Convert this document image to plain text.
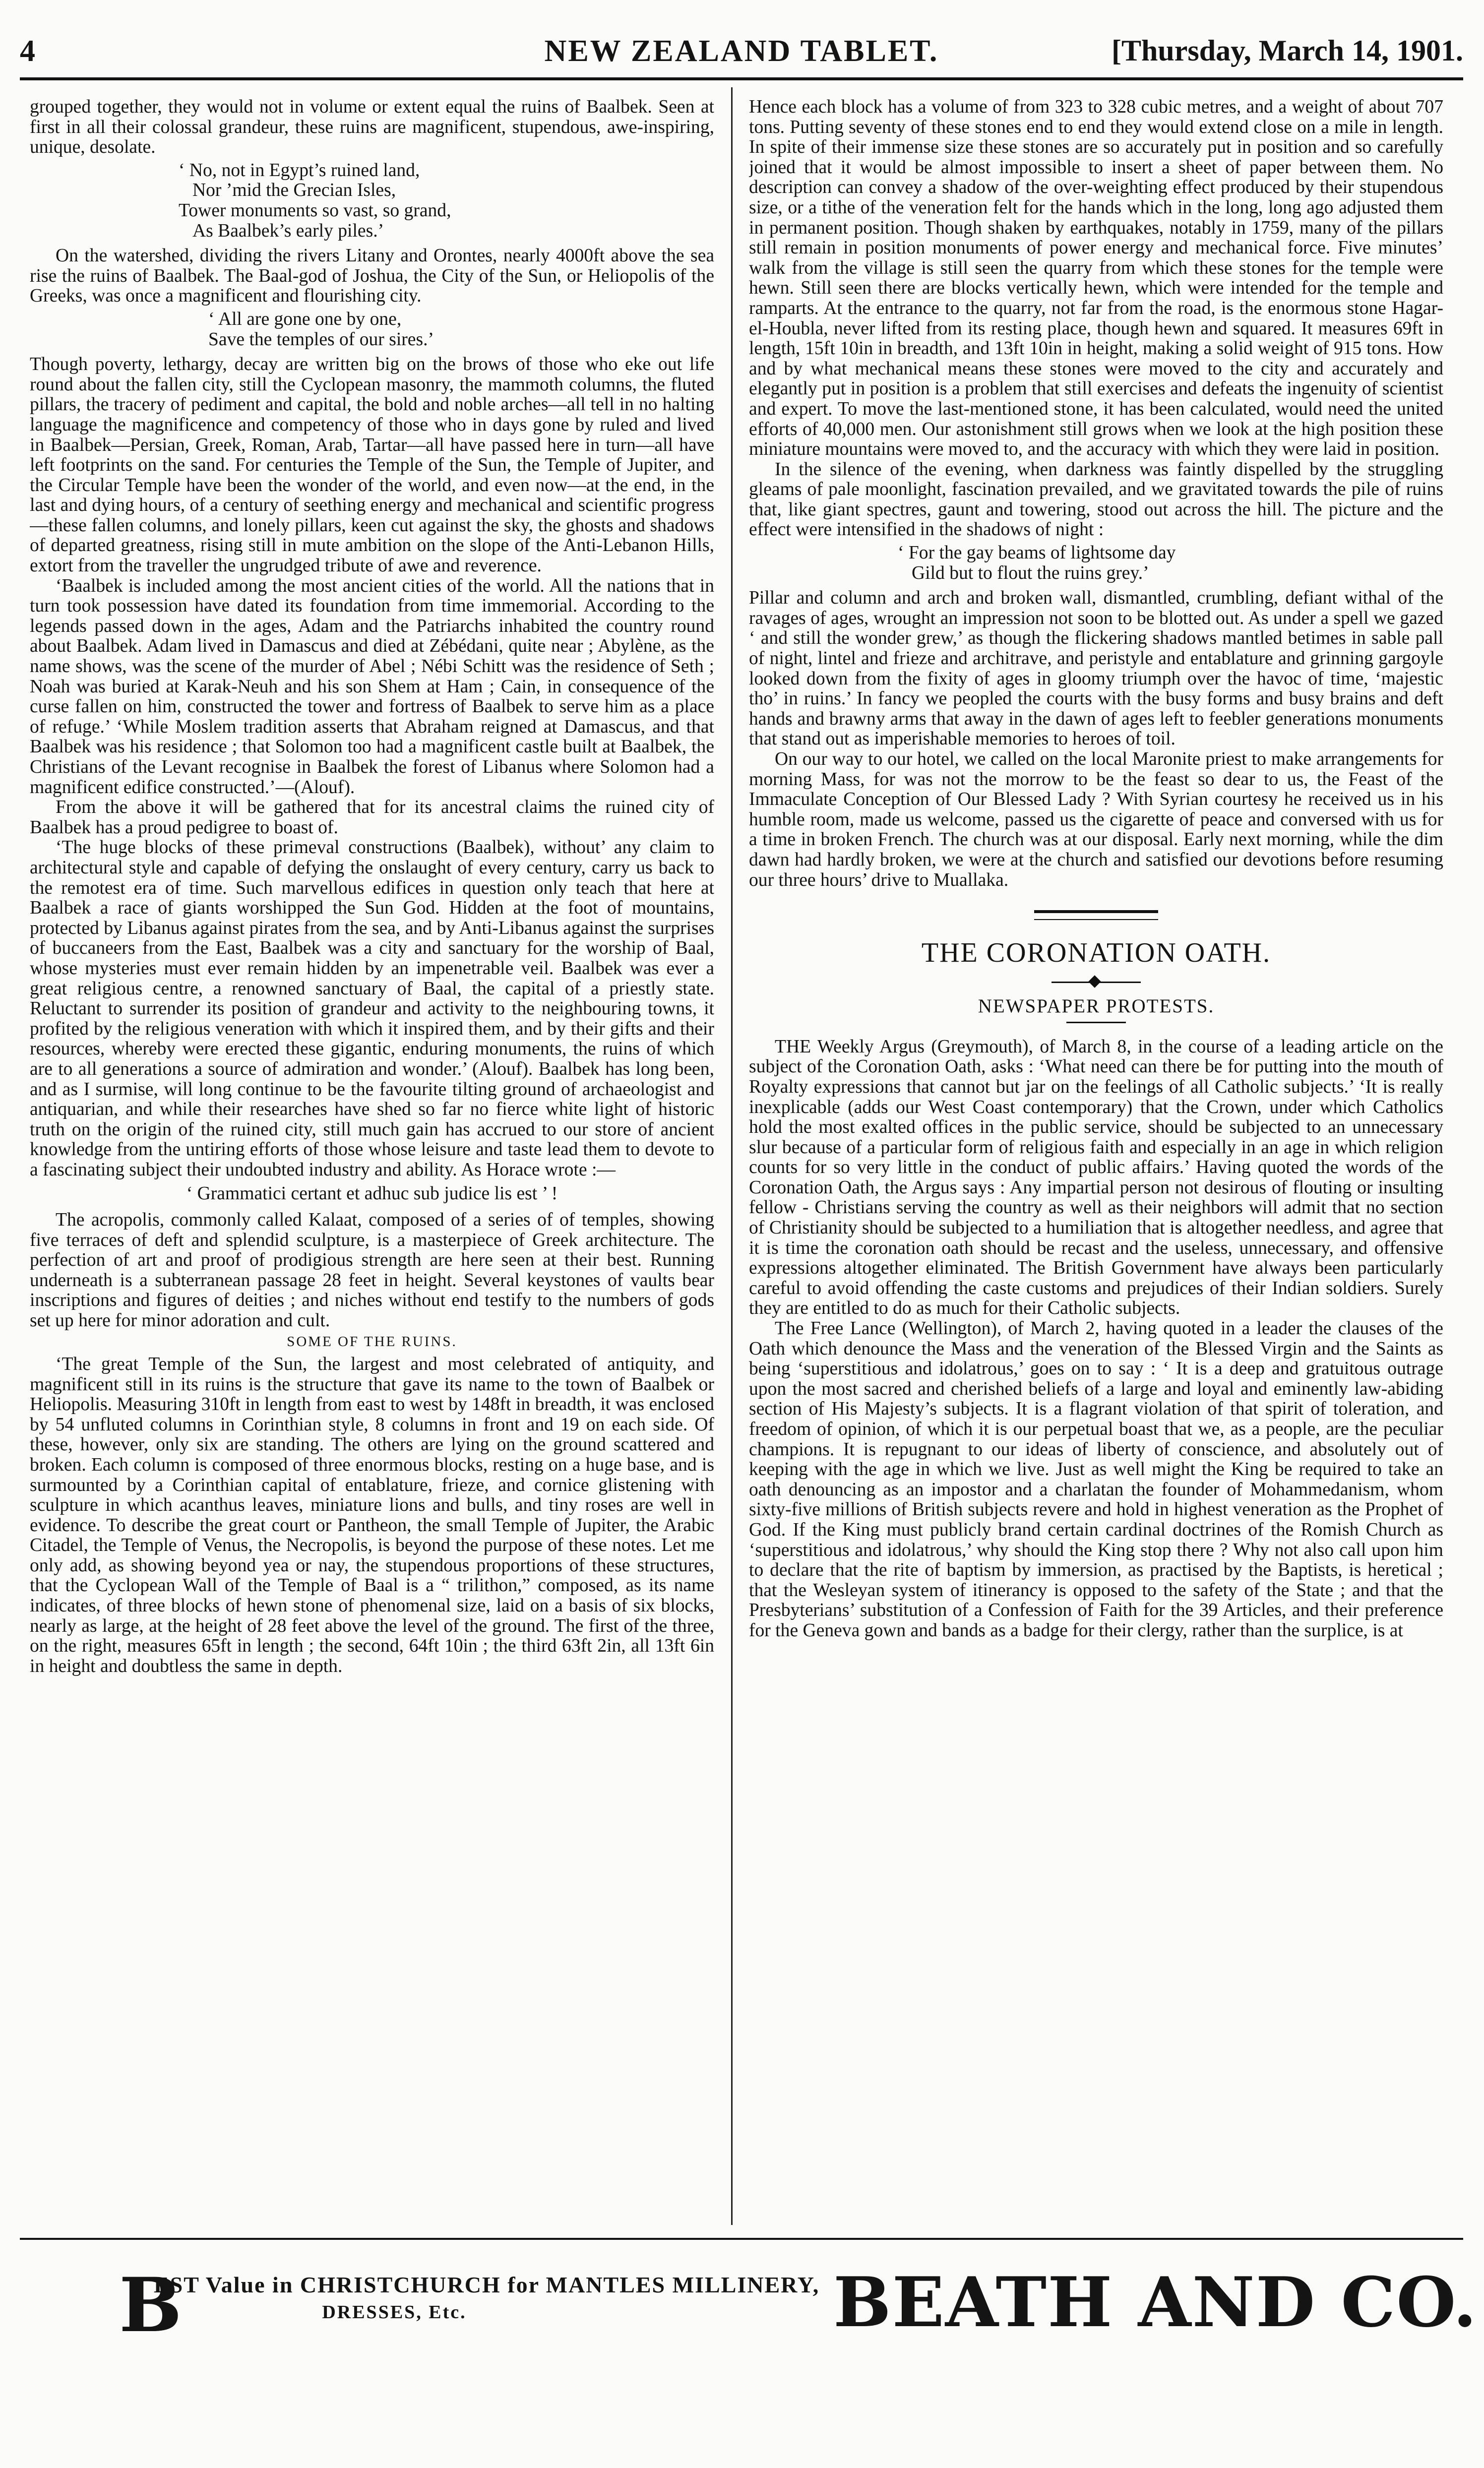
4	NEW ZEALAND TABLET.	[Thursday, March 14, 1901.

grouped together, they would not in volume or extent equal the ruins of Baalbek. Seen at first in all their colossal grandeur, these ruins are magnificent, stupendous, awe-inspiring, unique, desolate.

‘ No, not in Egypt’s ruined land,
Nor ’mid the Grecian Isles,
Tower monuments so vast, so grand,
As Baalbek’s early piles.’

On the watershed, dividing the rivers Litany and Orontes, nearly 4000ft above the sea rise the ruins of Baalbek. The Baal-god of Joshua, the City of the Sun, or Heliopolis of the Greeks, was once a magnificent and flourishing city.

‘ All are gone one by one,
Save the temples of our sires.’

Though poverty, lethargy, decay are written big on the brows of those who eke out life round about the fallen city, still the Cyclopean masonry, the mammoth columns, the fluted pillars, the tracery of pediment and capital, the bold and noble arches—all tell in no halting language the magnificence and competency of those who in days gone by ruled and lived in Baalbek—Persian, Greek, Roman, Arab, Tartar—all have passed here in turn—all have left footprints on the sand. For centuries the Temple of the Sun, the Temple of Jupiter, and the Circular Temple have been the wonder of the world, and even now—at the end, in the last and dying hours, of a century of seething energy and mechanical and scientific progress—these fallen columns, and lonely pillars, keen cut against the sky, the ghosts and shadows of departed greatness, rising still in mute ambition on the slope of the Anti-Lebanon Hills, extort from the traveller the ungrudged tribute of awe and reverence.

‘Baalbek is included among the most ancient cities of the world. All the nations that in turn took possession have dated its foundation from time immemorial. According to the legends passed down in the ages, Adam and the Patriarchs inhabited the country round about Baalbek. Adam lived in Damascus and died at Zébédani, quite near ; Abylène, as the name shows, was the scene of the murder of Abel ; Nébi Schitt was the residence of Seth ; Noah was buried at Karak-Neuh and his son Shem at Ham ; Cain, in consequence of the curse fallen on him, constructed the tower and fortress of Baalbek to serve him as a place of refuge.’ ‘While Moslem tradition asserts that Abraham reigned at Damascus, and that Baalbek was his residence ; that Solomon too had a magnificent castle built at Baalbek, the Christians of the Levant recognise in Baalbek the forest of Libanus where Solomon had a magnificent edifice constructed.’—(Alouf).

From the above it will be gathered that for its ancestral claims the ruined city of Baalbek has a proud pedigree to boast of.

‘The huge blocks of these primeval constructions (Baalbek), without’ any claim to architectural style and capable of defying the onslaught of every century, carry us back to the remotest era of time. Such marvellous edifices in question only teach that here at Baalbek a race of giants worshipped the Sun God. Hidden at the foot of mountains, protected by Libanus against pirates from the sea, and by Anti-Libanus against the surprises of buccaneers from the East, Baalbek was a city and sanctuary for the worship of Baal, whose mysteries must ever remain hidden by an impenetrable veil. Baalbek was ever a great religious centre, a renowned sanctuary of Baal, the capital of a priestly state. Reluctant to surrender its position of grandeur and activity to the neighbouring towns, it profited by the religious veneration with which it inspired them, and by their gifts and their resources, whereby were erected these gigantic, enduring monuments, the ruins of which are to all generations a source of admiration and wonder.’ (Alouf). Baalbek has long been, and as I surmise, will long continue to be the favourite tilting ground of archaeologist and antiquarian, and while their researches have shed so far no fierce white light of historic truth on the origin of the ruined city, still much gain has accrued to our store of ancient knowledge from the untiring efforts of those whose leisure and taste lead them to devote to a fascinating subject their undoubted industry and ability. As Horace wrote :—

‘ Grammatici certant et adhuc sub judice lis est ’ !

The acropolis, commonly called Kalaat, composed of a series of of temples, showing five terraces of deft and splendid sculpture, is a masterpiece of Greek architecture. The perfection of art and proof of prodigious strength are here seen at their best. Running underneath is a subterranean passage 28 feet in height. Several keystones of vaults bear inscriptions and figures of deities ; and niches without end testify to the numbers of gods set up here for minor adoration and cult.

SOME OF THE RUINS.

‘The great Temple of the Sun, the largest and most celebrated of antiquity, and magnificent still in its ruins is the structure that gave its name to the town of Baalbek or Heliopolis. Measuring 310ft in length from east to west by 148ft in breadth, it was enclosed by 54 unfluted columns in Corinthian style, 8 columns in front and 19 on each side. Of these, however, only six are standing. The others are lying on the ground scattered and broken. Each column is composed of three enormous blocks, resting on a huge base, and is surmounted by a Corinthian capital of entablature, frieze, and cornice glistening with sculpture in which acanthus leaves, miniature lions and bulls, and tiny roses are well in evidence. To describe the great court or Pantheon, the small Temple of Jupiter, the Arabic Citadel, the Temple of Venus, the Necropolis, is beyond the purpose of these notes. Let me only add, as showing beyond yea or nay, the stupendous proportions of these structures, that the Cyclopean Wall of the Temple of Baal is a “ trilithon,” composed, as its name indicates, of three blocks of hewn stone of phenomenal size, laid on a basis of six blocks, nearly as large, at the height of 28 feet above the level of the ground. The first of the three, on the right, measures 65ft in length ; the second, 64ft 10in ; the third 63ft 2in, all 13ft 6in in height and doubtless the same in depth.

Hence each block has a volume of from 323 to 328 cubic metres, and a weight of about 707 tons. Putting seventy of these stones end to end they would extend close on a mile in length. In spite of their immense size these stones are so accurately put in position and so carefully joined that it would be almost impossible to insert a sheet of paper between them. No description can convey a shadow of the over-weighting effect produced by their stupendous size, or a tithe of the veneration felt for the hands which in the long, long ago adjusted them in permanent position. Though shaken by earthquakes, notably in 1759, many of the pillars still remain in position monuments of power energy and mechanical force. Five minutes’ walk from the village is still seen the quarry from which these stones for the temple were hewn. Still seen there are blocks vertically hewn, which were intended for the temple and ramparts. At the entrance to the quarry, not far from the road, is the enormous stone Hagar-el-Houbla, never lifted from its resting place, though hewn and squared. It measures 69ft in length, 15ft 10in in breadth, and 13ft 10in in height, making a solid weight of 915 tons. How and by what mechanical means these stones were moved to the city and accurately and elegantly put in position is a problem that still exercises and defeats the ingenuity of scientist and expert. To move the last-mentioned stone, it has been calculated, would need the united efforts of 40,000 men. Our astonishment still grows when we look at the high position these miniature mountains were moved to, and the accuracy with which they were laid in position.

In the silence of the evening, when darkness was faintly dispelled by the struggling gleams of pale moonlight, fascination prevailed, and we gravitated towards the pile of ruins that, like giant spectres, gaunt and towering, stood out across the hill. The picture and the effect were intensified in the shadows of night :

‘ For the gay beams of lightsome day
Gild but to flout the ruins grey.’

Pillar and column and arch and broken wall, dismantled, crumbling, defiant withal of the ravages of ages, wrought an impression not soon to be blotted out. As under a spell we gazed ‘ and still the wonder grew,’ as though the flickering shadows mantled betimes in sable pall of night, lintel and frieze and architrave, and peristyle and entablature and grinning gargoyle looked down from the fixity of ages in gloomy triumph over the havoc of time, ‘majestic tho’ in ruins.’ In fancy we peopled the courts with the busy forms and busy brains and deft hands and brawny arms that away in the dawn of ages left to feebler generations monuments that stand out as imperishable memories to heroes of toil.

On our way to our hotel, we called on the local Maronite priest to make arrangements for morning Mass, for was not the morrow to be the feast so dear to us, the Feast of the Immaculate Conception of Our Blessed Lady ? With Syrian courtesy he received us in his humble room, made us welcome, passed us the cigarette of peace and conversed with us for a time in broken French. The church was at our disposal. Early next morning, while the dim dawn had hardly broken, we were at the church and satisfied our devotions before resuming our three hours’ drive to Muallaka.

THE CORONATION OATH.
NEWSPAPER PROTESTS.

THE Weekly Argus (Greymouth), of March 8, in the course of a leading article on the subject of the Coronation Oath, asks : ‘What need can there be for putting into the mouth of Royalty expressions that cannot but jar on the feelings of all Catholic subjects.’ ‘It is really inexplicable (adds our West Coast contemporary) that the Crown, under which Catholics hold the most exalted offices in the public service, should be subjected to an unnecessary slur because of a particular form of religious faith and especially in an age in which religion counts for so very little in the conduct of public affairs.’ Having quoted the words of the Coronation Oath, the Argus says : Any impartial person not desirous of flouting or insulting fellow - Christians serving the country as well as their neighbors will admit that no section of Christianity should be subjected to a humiliation that is altogether needless, and agree that it is time the coronation oath should be recast and the useless, unnecessary, and offensive expressions altogether eliminated. The British Government have always been particularly careful to avoid offending the caste customs and prejudices of their Indian soldiers. Surely they are entitled to do as much for their Catholic subjects.

The Free Lance (Wellington), of March 2, having quoted in a leader the clauses of the Oath which denounce the Mass and the veneration of the Blessed Virgin and the Saints as being ‘superstitious and idolatrous,’ goes on to say : ‘ It is a deep and gratuitous outrage upon the most sacred and cherished beliefs of a large and loyal and eminently law-abiding section of His Majesty’s subjects. It is a flagrant violation of that spirit of toleration, and freedom of opinion, of which it is our perpetual boast that we, as a people, are the peculiar champions. It is repugnant to our ideas of liberty of conscience, and absolutely out of keeping with the age in which we live. Just as well might the King be required to take an oath denouncing as an impostor and a charlatan the founder of Mohammedanism, whom sixty-five millions of British subjects revere and hold in highest veneration as the Prophet of God. If the King must publicly brand certain cardinal doctrines of the Romish Church as ‘superstitious and idolatrous,’ why should the King stop there ? Why not also call upon him to declare that the rite of baptism by immersion, as practised by the Baptists, is heretical ; that the Wesleyan system of itinerancy is opposed to the safety of the State ; and that the Presbyterians’ substitution of a Confession of Faith for the 39 Articles, and their preference for the Geneva gown and bands as a badge for their clergy, rather than the surplice, is at

B
EST Value in CHRISTCHURCH for MANTLES MILLINERY,
DRESSES, Etc.	BEATH AND CO.
